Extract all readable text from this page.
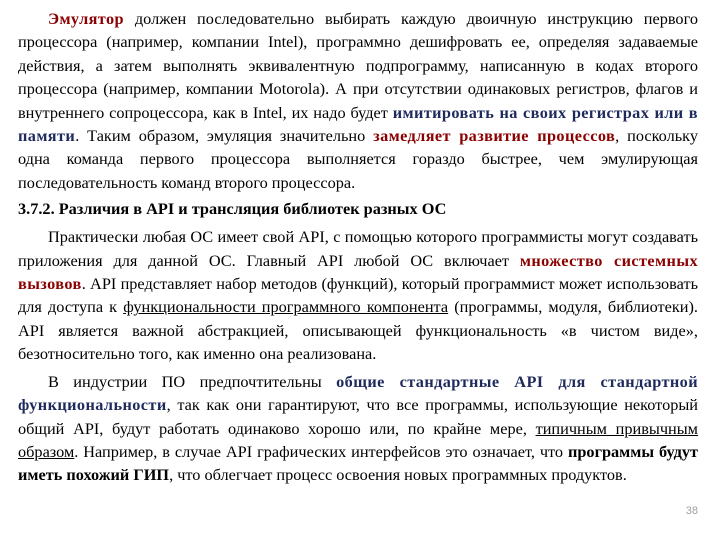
Эмулятор должен последовательно выбирать каждую двоичную инструкцию первого процессора (например, компании Intel), программно дешифровать ее, определяя задаваемые действия, а затем выполнять эквивалентную подпрограмму, написанную в кодах второго процессора (например, компании Motorola). А при отсутствии одинаковых регистров, флагов и внутреннего сопроцессора, как в Intel, их надо будет имитировать на своих регистрах или в памяти. Таким образом, эмуляция значительно замедляет развитие процессов, поскольку одна команда первого процессора выполняется гораздо быстрее, чем эмулирующая последовательность команд второго процессора.

3.7.2. Различия в API и трансляция библиотек разных ОС

Практически любая ОС имеет свой API, с помощью которого программисты могут создавать приложения для данной ОС. Главный API любой ОС включает множество системных вызовов. API представляет набор методов (функций), который программист может использовать для доступа к функциональности программного компонента (программы, модуля, библиотеки). API является важной абстракцией, описывающей функциональность «в чистом виде», безотносительно того, как именно она реализована.

В индустрии ПО предпочтительны общие стандартные API для стандартной функциональности, так как они гарантируют, что все программы, использующие некоторый общий API, будут работать одинаково хорошо или, по крайне мере, типичным привычным образом. Например, в случае API графических интерфейсов это означает, что программы будут иметь похожий ГИП, что облегчает процесс освоения новых программных продуктов.

38
